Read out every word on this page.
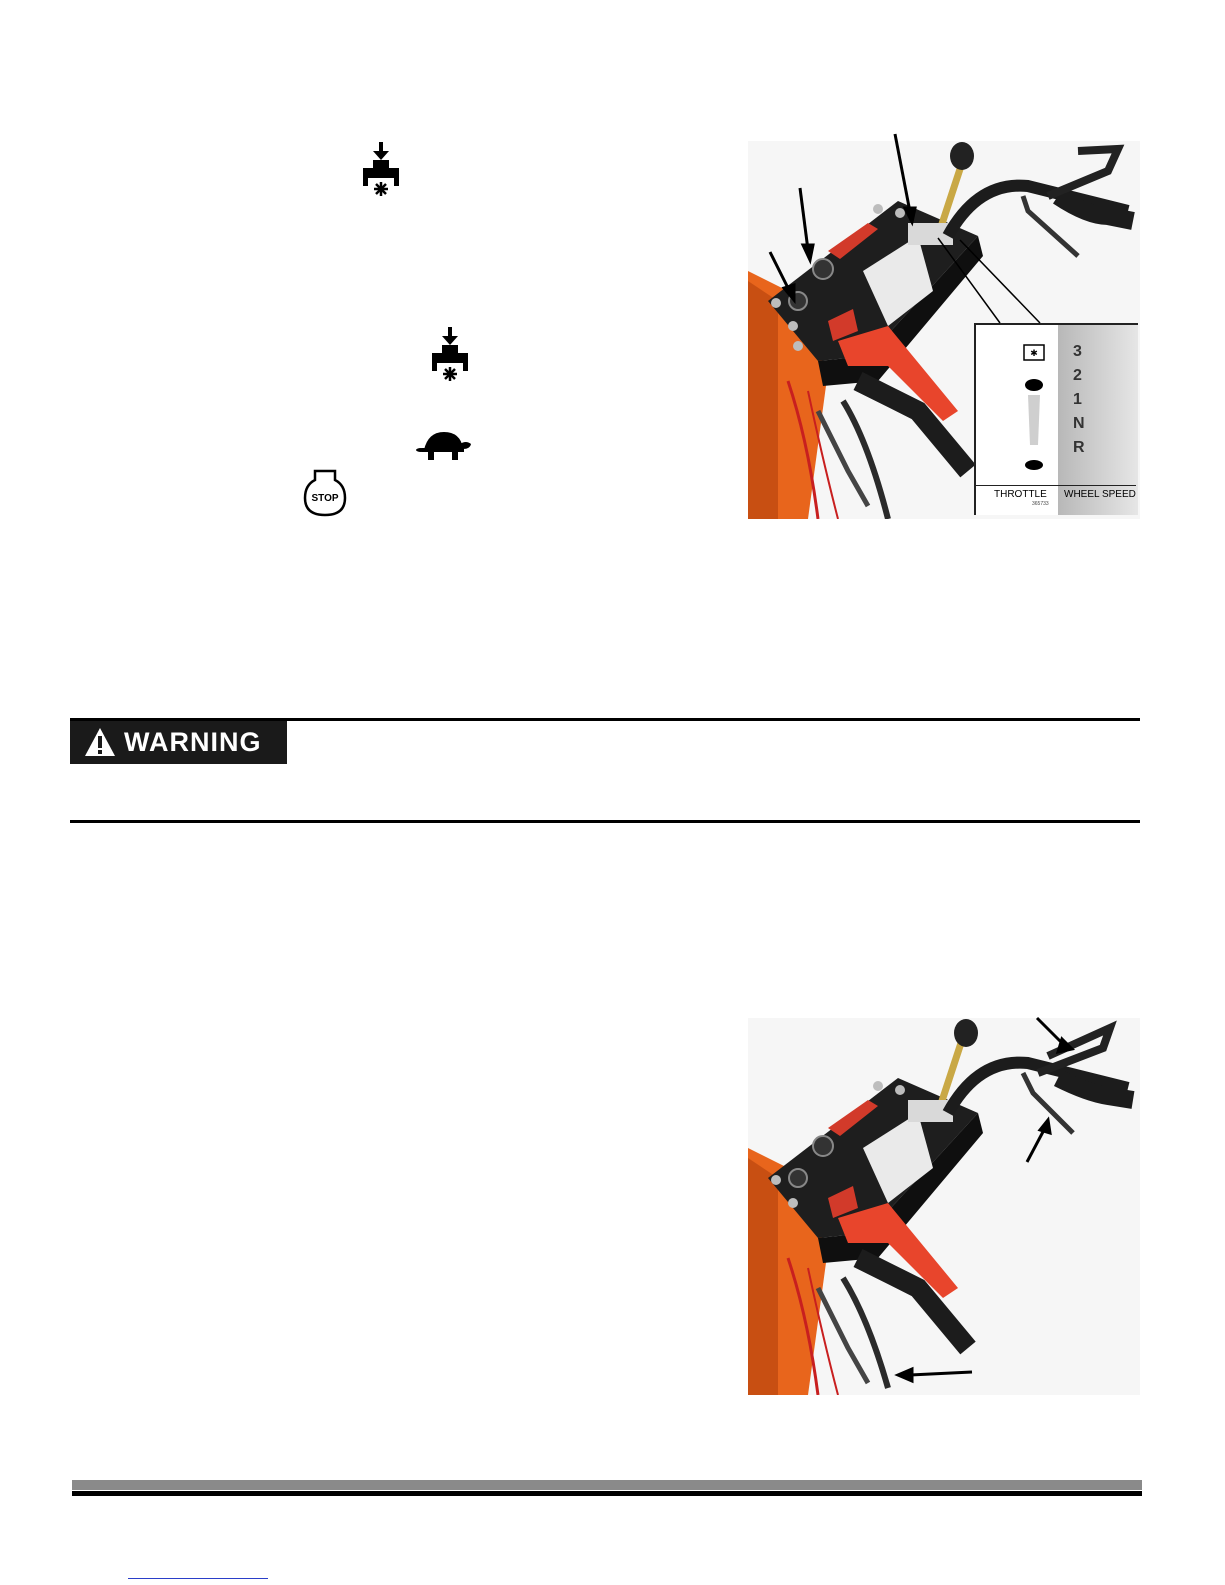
STOP
✱ 3
2
1
N
R
THROTTLE WHEEL SPEED
365733
WARNING
